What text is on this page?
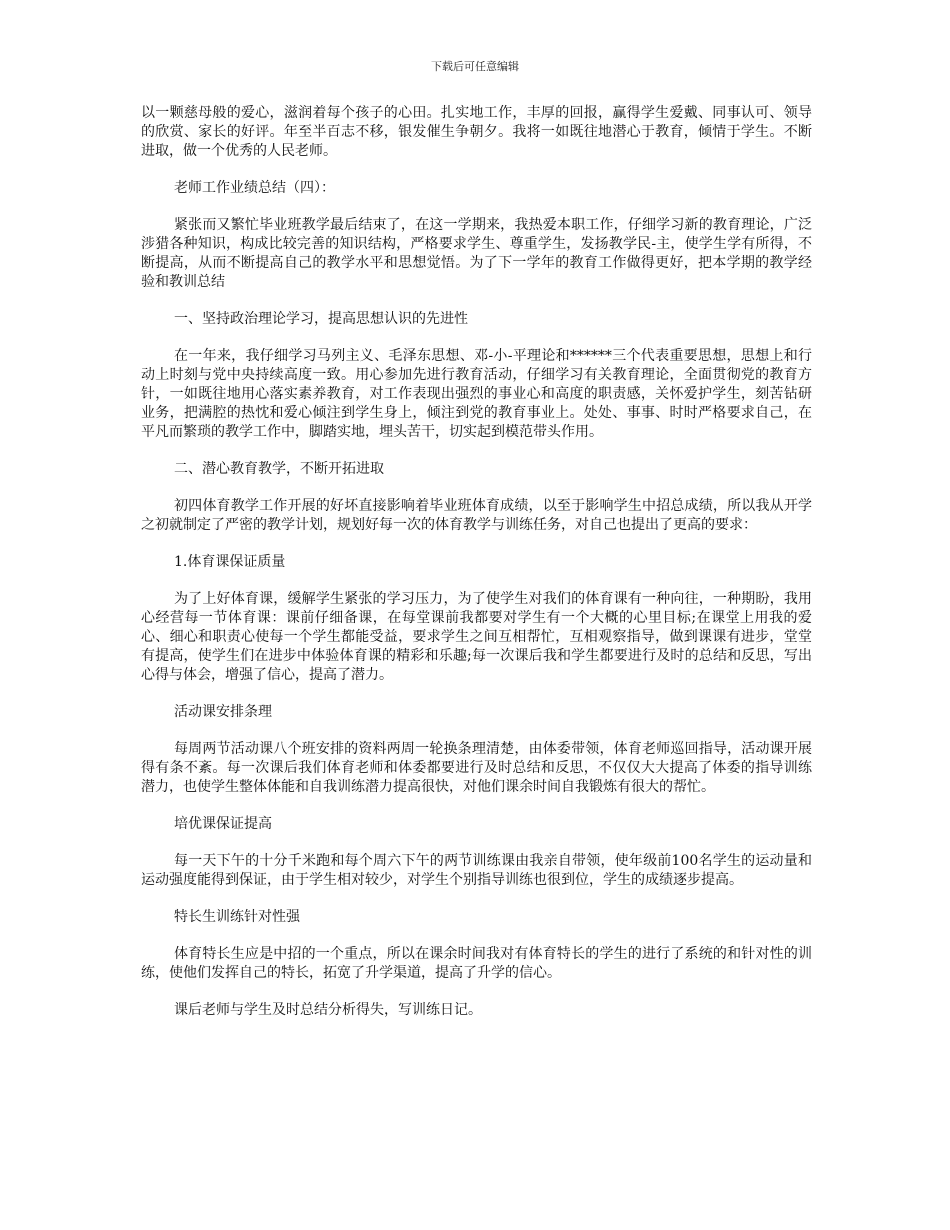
下载后可任意编辑

以一颗慈母般的爱心，滋润着每个孩子的心田。扎实地工作，丰厚的回报，赢得学生爱戴、同事认可、领导的欣赏、家长的好评。年至半百志不移，银发催生争朝夕。我将一如既往地潜心于教育，倾情于学生。不断进取，做一个优秀的人民老师。

老师工作业绩总结（四）：

紧张而又繁忙毕业班教学最后结束了，在这一学期来，我热爱本职工作，仔细学习新的教育理论，广泛涉猎各种知识，构成比较完善的知识结构，严格要求学生、尊重学生，发扬教学民-主，使学生学有所得，不断提高，从而不断提高自己的教学水平和思想觉悟。为了下一学年的教育工作做得更好，把本学期的教学经验和教训总结

一、坚持政治理论学习，提高思想认识的先进性

在一年来，我仔细学习马列主义、毛泽东思想、邓-小-平理论和******三个代表重要思想，思想上和行动上时刻与党中央持续高度一致。用心参加先进行教育活动，仔细学习有关教育理论，全面贯彻党的教育方针，一如既往地用心落实素养教育，对工作表现出强烈的事业心和高度的职责感，关怀爱护学生，刻苦钻研业务，把满腔的热忱和爱心倾注到学生身上，倾注到党的教育事业上。处处、事事、时时严格要求自己，在平凡而繁琐的教学工作中，脚踏实地，埋头苦干，切实起到模范带头作用。

二、潜心教育教学，不断开拓进取

初四体育教学工作开展的好坏直接影响着毕业班体育成绩，以至于影响学生中招总成绩，所以我从开学之初就制定了严密的教学计划，规划好每一次的体育教学与训练任务，对自己也提出了更高的要求：

1.体育课保证质量

为了上好体育课，缓解学生紧张的学习压力，为了使学生对我们的体育课有一种向往，一种期盼，我用心经营每一节体育课：课前仔细备课，在每堂课前我都要对学生有一个大概的心里目标;在课堂上用我的爱心、细心和职责心使每一个学生都能受益，要求学生之间互相帮忙，互相观察指导，做到课课有进步，堂堂有提高，使学生们在进步中体验体育课的精彩和乐趣;每一次课后我和学生都要进行及时的总结和反思，写出心得与体会，增强了信心，提高了潜力。

活动课安排条理

每周两节活动课八个班安排的资料两周一轮换条理清楚，由体委带领，体育老师巡回指导，活动课开展得有条不紊。每一次课后我们体育老师和体委都要进行及时总结和反思，不仅仅大大提高了体委的指导训练潜力，也使学生整体体能和自我训练潜力提高很快，对他们课余时间自我锻炼有很大的帮忙。

培优课保证提高

每一天下午的十分千米跑和每个周六下午的两节训练课由我亲自带领，使年级前100名学生的运动量和运动强度能得到保证，由于学生相对较少，对学生个别指导训练也很到位，学生的成绩逐步提高。

特长生训练针对性强

体育特长生应是中招的一个重点，所以在课余时间我对有体育特长的学生的进行了系统的和针对性的训练，使他们发挥自己的特长，拓宽了升学渠道，提高了升学的信心。

课后老师与学生及时总结分析得失，写训练日记。
